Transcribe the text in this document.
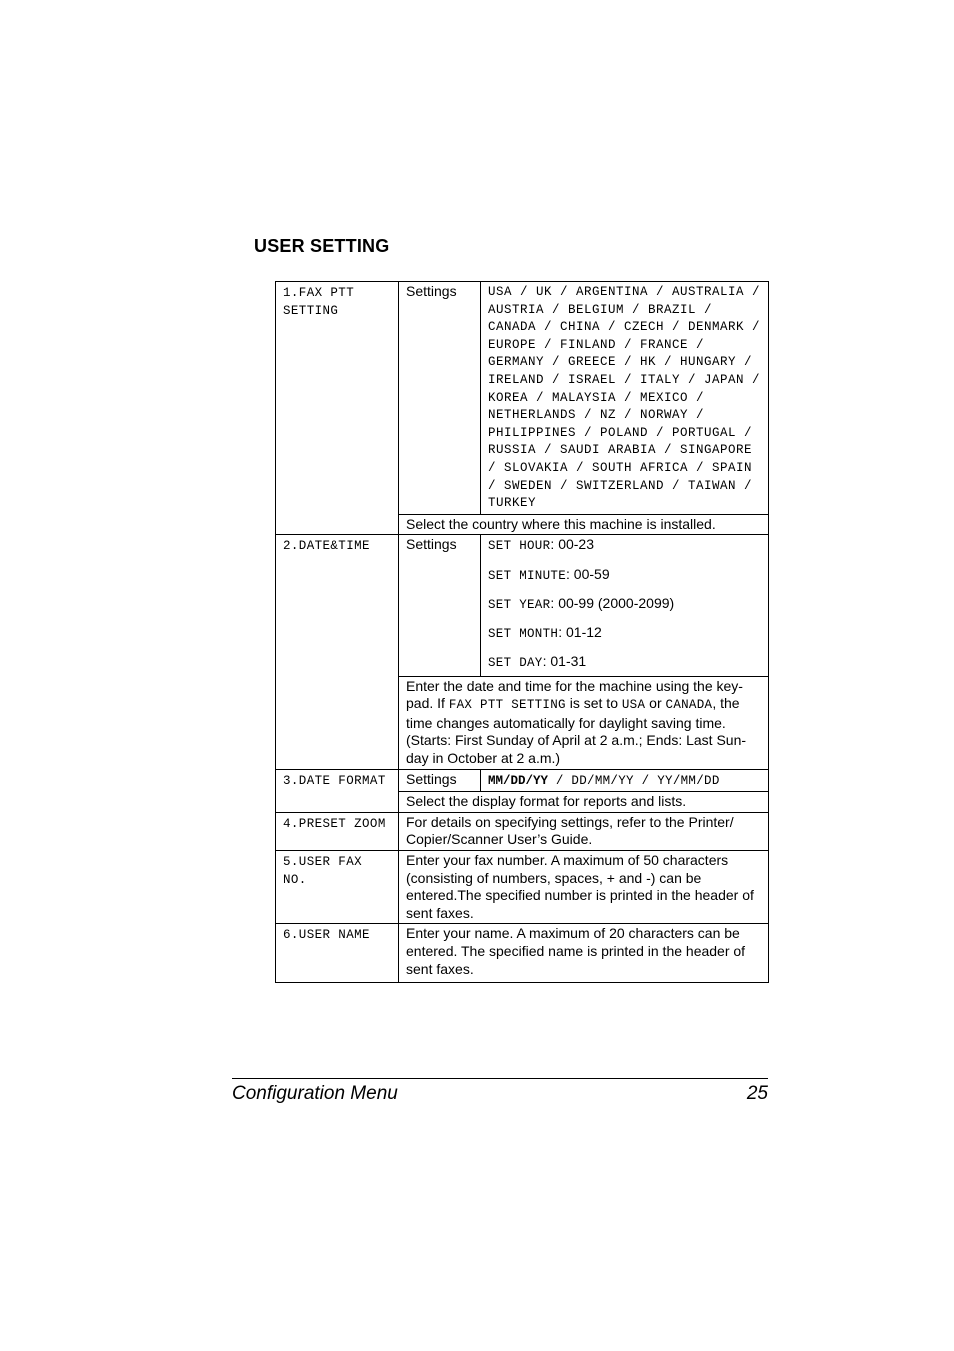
USER SETTING
1.FAX PTT SETTING	Settings	USA / UK / ARGENTINA / AUSTRALIA / AUSTRIA / BELGIUM / BRAZIL / CANADA / CHINA / CZECH / DENMARK / EUROPE / FINLAND / FRANCE / GERMANY / GREECE / HK / HUNGARY / IRELAND / ISRAEL / ITALY / JAPAN / KOREA / MALAYSIA / MEXICO / NETHERLANDS / NZ / NORWAY / PHILIPPINES / POLAND / PORTUGAL / RUSSIA / SAUDI ARABIA / SINGAPORE / SLOVAKIA / SOUTH AFRICA / SPAIN / SWEDEN / SWITZERLAND / TAIWAN / TURKEY
	Select the country where this machine is installed.	
2.DATE&TIME	Settings	SET HOUR: 00-23
SET MINUTE: 00-59
SET YEAR: 00-99 (2000-2099)
SET MONTH: 01-12
SET DAY: 01-31

	Enter the date and time for the machine using the key-pad. If FAX PTT SETTING is set to USA or CANADA, the time changes automatically for daylight saving time. (Starts: First Sunday of April at 2 a.m.; Ends: Last Sun-day in October at 2 a.m.)	
3.DATE FORMAT	Settings	MM/DD/YY / DD/MM/YY / YY/MM/DD
	Select the display format for reports and lists.	
4.PRESET ZOOM	For details on specifying settings, refer to the Printer/ Copier/Scanner User’s Guide.	
5.USER FAX NO.	Enter your fax number. A maximum of 50 characters (consisting of numbers, spaces, + and -) can be entered.The specified number is printed in the header of sent faxes.	
6.USER NAME	Enter your name. A maximum of 20 characters can be entered. The specified name is printed in the header of sent faxes.	
Configuration Menu	25
